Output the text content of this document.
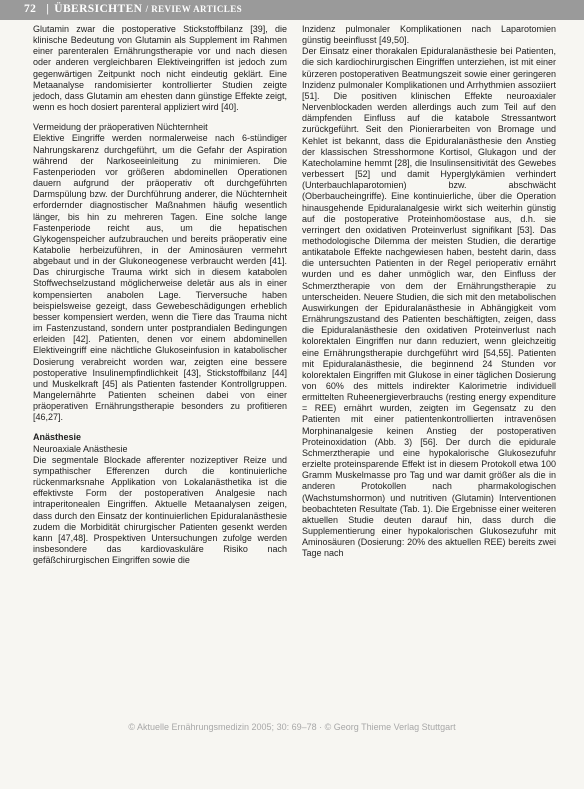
72 | ÜBERSICHTEN / REVIEW ARTICLES

Glutamin zwar die postoperative Stickstoffbilanz [39], die klinische Bedeutung von Glutamin als Supplement im Rahmen einer parenteralen Ernährungstherapie vor und nach diesen oder anderen vergleichbaren Elektiveingriffen ist jedoch zum gegenwärtigen Zeitpunkt noch nicht eindeutig geklärt. Eine Metaanalyse randomisierter kontrollierter Studien zeigte jedoch, dass Glutamin am ehesten dann günstige Effekte zeigt, wenn es hoch dosiert parenteral appliziert wird [40].

Vermeidung der präoperativen Nüchternheit

Elektive Eingriffe werden normalerweise nach 6-stündiger Nahrungskarenz durchgeführt, um die Gefahr der Aspiration während der Narkoseeinleitung zu minimieren. Die Fastenperioden vor größeren abdominellen Operationen dauern aufgrund der präoperativ oft durchgeführten Darmspülung bzw. der Durchführung anderer, die Nüchternheit erfordernder diagnostischer Maßnahmen häufig wesentlich länger, bis hin zu mehreren Tagen. Eine solche lange Fastenperiode reicht aus, um die hepatischen Glykogenspeicher aufzubrauchen und bereits präoperativ eine Katabolie herbeizuführen, in der Aminosäuren vermehrt abgebaut und in der Glukoneogenese verbraucht werden [41]. Das chirurgische Trauma wirkt sich in diesem katabolen Stoffwechselzustand möglicherweise deletär aus als in einer kompensierten anabolen Lage. Tierversuche haben beispielsweise gezeigt, dass Gewebeschädigungen erheblich besser kompensiert werden, wenn die Tiere das Trauma nicht im Fastenzustand, sondern unter postprandialen Bedingungen erleiden [42]. Patienten, denen vor einem abdominellen Elektiveingriff eine nächtliche Glukoseinfusion in katabolischer Dosierung verabreicht worden war, zeigten eine bessere postoperative Insulinempfindlichkeit [43], Stickstoffbilanz [44] und Muskelkraft [45] als Patienten fastender Kontrollgruppen. Mangelernährte Patienten scheinen dabei von einer präoperativen Ernährungstherapie besonders zu profitieren [46,27].

Anästhesie

Neuroaxiale Anästhesie

Die segmentale Blockade afferenter nozizeptiver Reize und sympathischer Efferenzen durch die kontinuierliche rückenmarksnahe Applikation von Lokalanästhetika ist die effektivste Form der postoperativen Analgesie nach intraperitonealen Eingriffen. Aktuelle Metaanalysen zeigen, dass durch den Einsatz der kontinuierlichen Epiduralanästhesie zudem die Morbidität chirurgischer Patienten gesenkt werden kann [47,48]. Prospektiven Untersuchungen zufolge werden insbesondere das kardiovaskuläre Risiko nach gefäßchirurgischen Eingriffen sowie die

Inzidenz pulmonaler Komplikationen nach Laparotomien günstig beeinflusst [49,50].

Der Einsatz einer thorakalen Epiduralanästhesie bei Patienten, die sich kardiochirurgischen Eingriffen unterziehen, ist mit einer kürzeren postoperativen Beatmungszeit sowie einer geringeren Inzidenz pulmonaler Komplikationen und Arrhythmien assoziiert [51]. Die positiven klinischen Effekte neuroaxialer Nervenblockaden werden allerdings auch zum Teil auf den dämpfenden Einfluss auf die katabole Stressantwort zurückgeführt. Seit den Pionierarbeiten von Bromage und Kehlet ist bekannt, dass die Epiduralanästhesie den Anstieg der klassischen Stresshormone Kortisol, Glukagon und der Katecholamine hemmt [28], die Insulinsensitivität des Gewebes verbessert [52] und damit Hyperglykämien verhindert (Unterbauchlaparotomien) bzw. abschwächt (Oberbaucheingriffe). Eine kontinuierliche, über die Operation hinausgehende Epiduralanalgesie wirkt sich weiterhin günstig auf die postoperative Proteinhomöostase aus, d.h. sie verringert den oxidativen Proteinverlust signifikant [53]. Das methodologische Dilemma der meisten Studien, die derartige antikatabole Effekte nachgewiesen haben, besteht darin, dass die untersuchten Patienten in der Regel perioperativ ernährt wurden und es daher unmöglich war, den Einfluss der Schmerztherapie von dem der Ernährungstherapie zu unterscheiden. Neuere Studien, die sich mit den metabolischen Auswirkungen der Epiduralanästhesie in Abhängigkeit vom Ernährungszustand des Patienten beschäftigten, zeigen, dass die Epiduralanästhesie den oxidativen Proteinverlust nach kolorektalen Eingriffen nur dann reduziert, wenn gleichzeitig eine Ernährungstherapie durchgeführt wird [54,55]. Patienten mit Epiduralanästhesie, die beginnend 24 Stunden vor kolorektalen Eingriffen mit Glukose in einer täglichen Dosierung von 60% des mittels indirekter Kalorimetrie individuell ermittelten Ruheenergieverbrauchs (resting energy expenditure = REE) ernährt wurden, zeigten im Gegensatz zu den Patienten mit einer patientenkontrollierten intravenösen Morphinanalgesie keinen Anstieg der postoperativen Proteinoxidation (Abb. 3) [56]. Der durch die epidurale Schmerztherapie und eine hypokalorische Glukosezufuhr erzielte proteinsparende Effekt ist in diesem Protokoll etwa 100 Gramm Muskelmasse pro Tag und war damit größer als die in anderen Protokollen nach pharmakologischen (Wachstumshormon) und nutritiven (Glutamin) Interventionen beobachteten Resultate (Tab. 1). Die Ergebnisse einer weiteren aktuellen Studie deuten darauf hin, dass durch die Supplementierung einer hypokalorischen Glukosezufuhr mit Aminosäuren (Dosierung: 20% des aktuellen REE) bereits zwei Tage nach

© Aktuelle Ernährungsmedizin 2005; 30: 69–78 · © Georg Thieme Verlag Stuttgart
